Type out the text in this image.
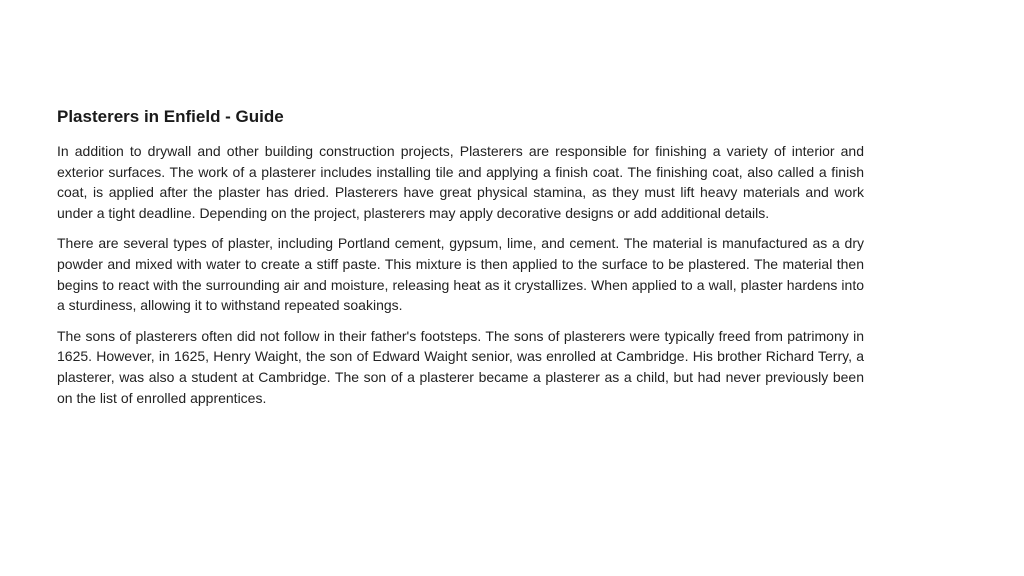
Plasterers in Enfield - Guide

In addition to drywall and other building construction projects, Plasterers are responsible for finishing a variety of interior and exterior surfaces. The work of a plasterer includes installing tile and applying a finish coat. The finishing coat, also called a finish coat, is applied after the plaster has dried. Plasterers have great physical stamina, as they must lift heavy materials and work under a tight deadline. Depending on the project, plasterers may apply decorative designs or add additional details.

There are several types of plaster, including Portland cement, gypsum, lime, and cement. The material is manufactured as a dry powder and mixed with water to create a stiff paste. This mixture is then applied to the surface to be plastered. The material then begins to react with the surrounding air and moisture, releasing heat as it crystallizes. When applied to a wall, plaster hardens into a sturdiness, allowing it to withstand repeated soakings.

The sons of plasterers often did not follow in their father's footsteps. The sons of plasterers were typically freed from patrimony in 1625. However, in 1625, Henry Waight, the son of Edward Waight senior, was enrolled at Cambridge. His brother Richard Terry, a plasterer, was also a student at Cambridge. The son of a plasterer became a plasterer as a child, but had never previously been on the list of enrolled apprentices.
